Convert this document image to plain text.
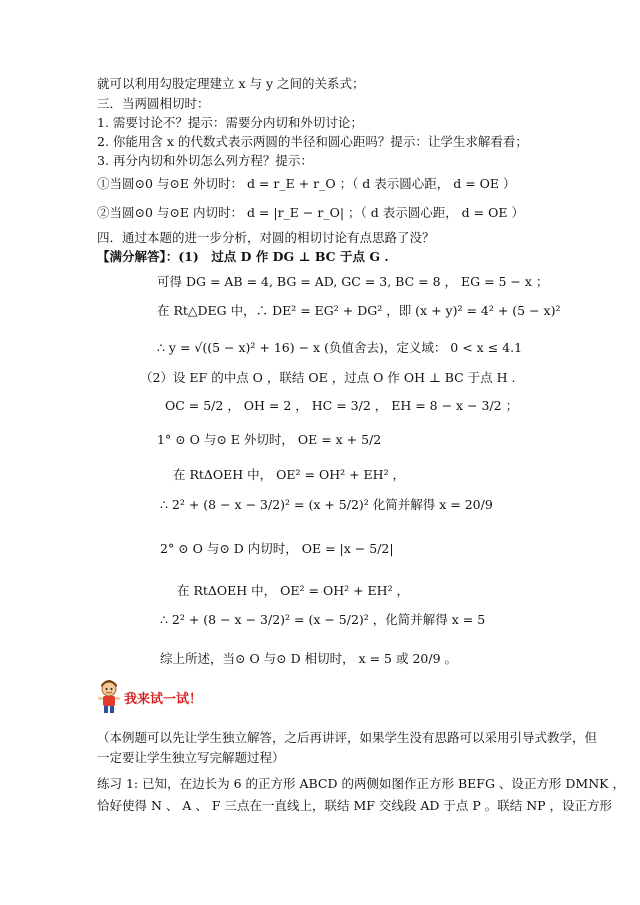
就可以利用勾股定理建立 x 与 y 之间的关系式；
三．当两圆相切时：
1. 需要讨论不？提示：需要分内切和外切讨论；
2. 你能用含 x 的代数式表示两圆的半径和圆心距吗？提示：让学生求解看看；
3. 再分内切和外切怎么列方程？提示：
①当圆⊙0 与⊙E 外切时： d = r_E + r_O ；（ d 表示圆心距， d = OE ）
②当圆⊙0 与⊙E 内切时： d = |r_E − r_O| ；（ d 表示圆心距， d = OE ）
四．通过本题的进一步分析，对圆的相切讨论有点思路了没？
【满分解答】：(1)　过点 D 作 DG ⊥ BC 于点 G .
可得 DG = AB = 4, BG = AD, GC = 3, BC = 8 ， EG = 5 − x ；
在 Rt△DEG 中，∴ DE² = EG² + DG² ，即 (x + y)² = 4² + (5 − x)²
∴ y = √((5 − x)² + 16) − x (负值舍去)，定义域： 0 < x ≤ 4.1
（2）设 EF 的中点 O ，联结 OE ，过点 O 作 OH ⊥ BC 于点 H .
OC = 5/2 ， OH = 2 ， HC = 3/2 ， EH = 8 − x − 3/2 ；
1° ⊙ O 与⊙ E 外切时， OE = x + 5/2
在 RtΔOEH 中， OE² = OH² + EH² ，
∴ 2² + (8 − x − 3/2)² = (x + 5/2)² 化简并解得 x = 20/9
2° ⊙ O 与⊙ D 内切时， OE = |x − 5/2|
在 RtΔOEH 中， OE² = OH² + EH² ，
∴ 2² + (8 − x − 3/2)² = (x − 5/2)² ，化简并解得 x = 5
综上所述，当⊙ O 与⊙ D 相切时， x = 5 或 20/9 。
我来试一试！
（本例题可以先让学生独立解答，之后再讲评，如果学生没有思路可以采用引导式教学，但
一定要让学生独立写完解题过程）
练习 1: 已知，在边长为 6 的正方形 ABCD 的两侧如图作正方形 BEFG 、设正方形 DMNK ，
恰好使得 N 、 A 、 F 三点在一直线上，联结 MF 交线段 AD 于点 P 。联结 NP ，设正方形
